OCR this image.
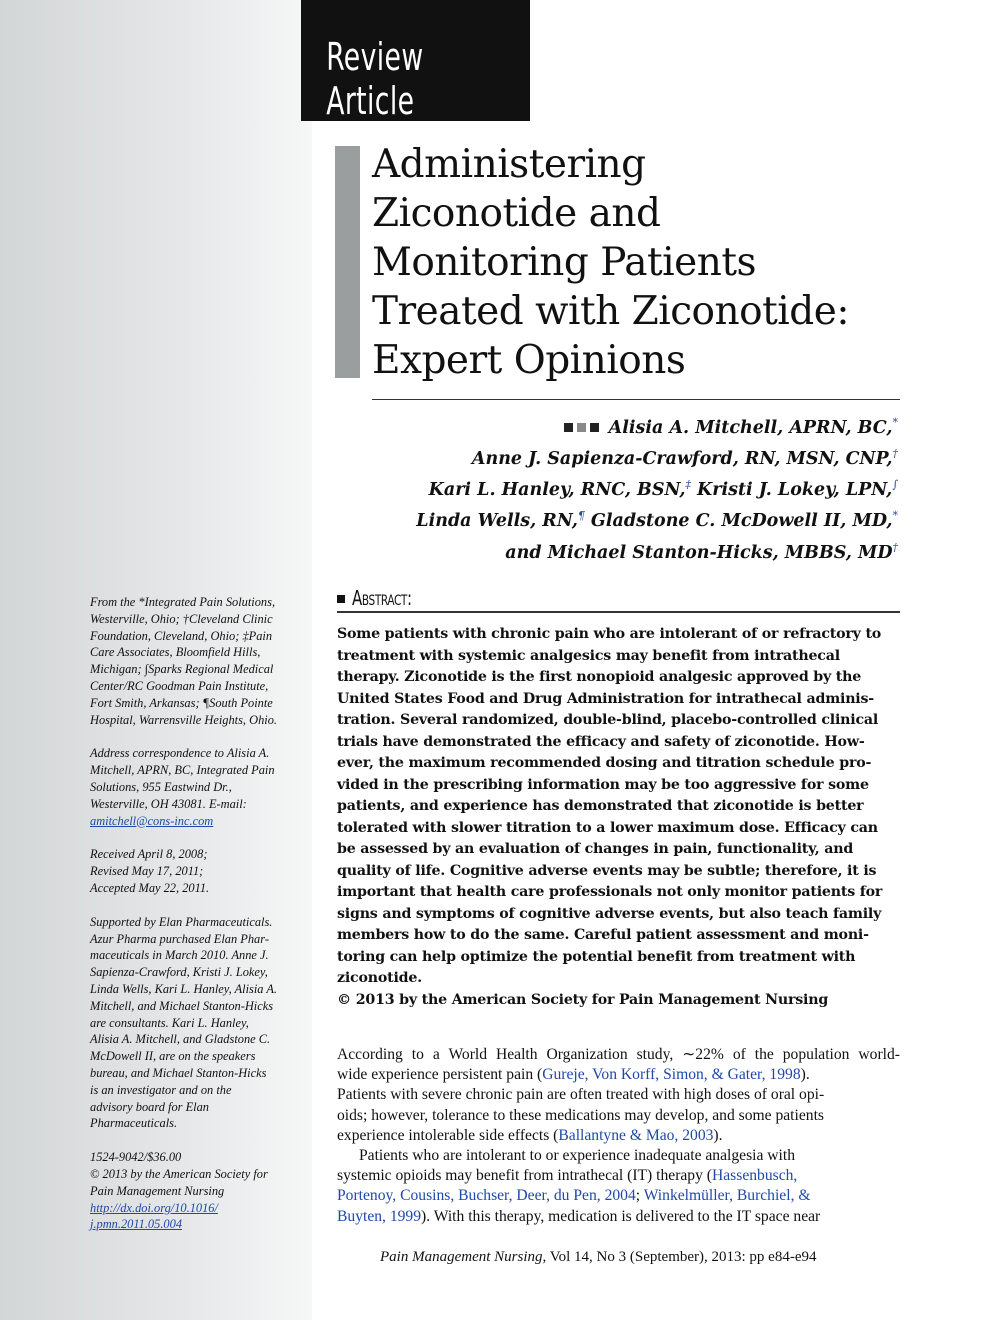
Review Article
Administering
Ziconotide and
Monitoring Patients
Treated with Ziconotide:
Expert Opinions
Alisia A. Mitchell, APRN, BC,*
Anne J. Sapienza-Crawford, RN, MSN, CNP,†
Kari L. Hanley, RNC, BSN,‡ Kristi J. Lokey, LPN,∫
Linda Wells, RN,¶ Gladstone C. McDowell II, MD,*
and Michael Stanton-Hicks, MBBS, MD†
Abstract:
Some patients with chronic pain who are intolerant of or refractory to
treatment with systemic analgesics may benefit from intrathecal
therapy. Ziconotide is the first nonopioid analgesic approved by the
United States Food and Drug Administration for intrathecal adminis-
tration. Several randomized, double-blind, placebo-controlled clinical
trials have demonstrated the efficacy and safety of ziconotide. How-
ever, the maximum recommended dosing and titration schedule pro-
vided in the prescribing information may be too aggressive for some
patients, and experience has demonstrated that ziconotide is better
tolerated with slower titration to a lower maximum dose. Efficacy can
be assessed by an evaluation of changes in pain, functionality, and
quality of life. Cognitive adverse events may be subtle; therefore, it is
important that health care professionals not only monitor patients for
signs and symptoms of cognitive adverse events, but also teach family
members how to do the same. Careful patient assessment and moni-
toring can help optimize the potential benefit from treatment with
ziconotide.
© 2013 by the American Society for Pain Management Nursing
According to a World Health Organization study, ∼22% of the population world-
wide experience persistent pain (Gureje, Von Korff, Simon, & Gater, 1998).
Patients with severe chronic pain are often treated with high doses of oral opi-
oids; however, tolerance to these medications may develop, and some patients
experience intolerable side effects (Ballantyne & Mao, 2003).
Patients who are intolerant to or experience inadequate analgesia with
systemic opioids may benefit from intrathecal (IT) therapy (Hassenbusch,
Portenoy, Cousins, Buchser, Deer, du Pen, 2004; Winkelmüller, Burchiel, &
Buyten, 1999). With this therapy, medication is delivered to the IT space near
Pain Management Nursing, Vol 14, No 3 (September), 2013: pp e84-e94
From the *Integrated Pain Solutions,
Westerville, Ohio; †Cleveland Clinic
Foundation, Cleveland, Ohio; ‡Pain
Care Associates, Bloomfield Hills,
Michigan; ∫Sparks Regional Medical
Center/RC Goodman Pain Institute,
Fort Smith, Arkansas; ¶South Pointe
Hospital, Warrensville Heights, Ohio.
Address correspondence to Alisia A.
Mitchell, APRN, BC, Integrated Pain
Solutions, 955 Eastwind Dr.,
Westerville, OH 43081. E-mail:
amitchell@cons-inc.com
Received April 8, 2008;
Revised May 17, 2011;
Accepted May 22, 2011.
Supported by Elan Pharmaceuticals.
Azur Pharma purchased Elan Phar-
maceuticals in March 2010. Anne J.
Sapienza-Crawford, Kristi J. Lokey,
Linda Wells, Kari L. Hanley, Alisia A.
Mitchell, and Michael Stanton-Hicks
are consultants. Kari L. Hanley,
Alisia A. Mitchell, and Gladstone C.
McDowell II, are on the speakers
bureau, and Michael Stanton-Hicks
is an investigator and on the
advisory board for Elan
Pharmaceuticals.
1524-9042/$36.00
© 2013 by the American Society for
Pain Management Nursing
http://dx.doi.org/10.1016/
j.pmn.2011.05.004
